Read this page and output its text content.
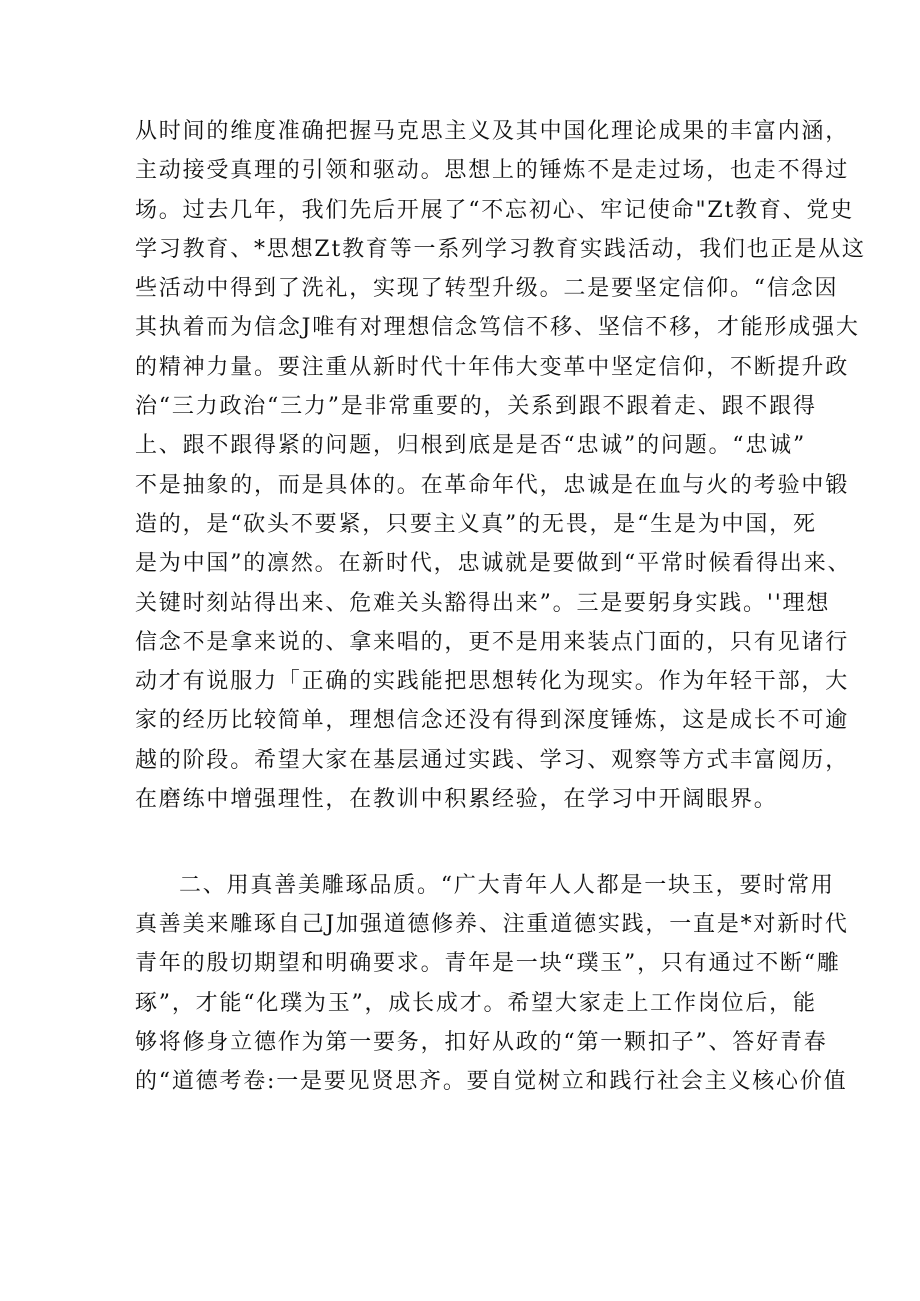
从时间的维度准确把握马克思主义及其中国化理论成果的丰富内涵，
主动接受真理的引领和驱动。思想上的锤炼不是走过场，也走不得过
场。过去几年，我们先后开展了“不忘初心、牢记使命"Zt教育、党史
学习教育、*思想Zt教育等一系列学习教育实践活动，我们也正是从这
些活动中得到了洗礼，实现了转型升级。二是要坚定信仰。“信念因
其执着而为信念J唯有对理想信念笃信不移、坚信不移，才能形成强大
的精神力量。要注重从新时代十年伟大变革中坚定信仰，不断提升政
治“三力政治“三力”是非常重要的，关系到跟不跟着走、跟不跟得
上、跟不跟得紧的问题，归根到底是是否“忠诚”的问题。“忠诚”
不是抽象的，而是具体的。在革命年代，忠诚是在血与火的考验中锻
造的，是“砍头不要紧，只要主义真”的无畏，是“生是为中国，死
是为中国”的凛然。在新时代，忠诚就是要做到“平常时候看得出来、
关键时刻站得出来、危难关头豁得出来”。三是要躬身实践。''理想
信念不是拿来说的、拿来唱的，更不是用来装点门面的，只有见诸行
动才有说服力「正确的实践能把思想转化为现实。作为年轻干部，大
家的经历比较简单，理想信念还没有得到深度锤炼，这是成长不可逾
越的阶段。希望大家在基层通过实践、学习、观察等方式丰富阅历，
在磨练中增强理性，在教训中积累经验，在学习中开阔眼界。
二、用真善美雕琢品质。“广大青年人人都是一块玉，要时常用
真善美来雕琢自己J加强道德修养、注重道德实践，一直是*对新时代
青年的殷切期望和明确要求。青年是一块“璞玉”，只有通过不断“雕
琢”，才能“化璞为玉”，成长成才。希望大家走上工作岗位后，能
够将修身立德作为第一要务，扣好从政的“第一颗扣子”、答好青春
的“道德考卷:一是要见贤思齐。要自觉树立和践行社会主义核心价值
